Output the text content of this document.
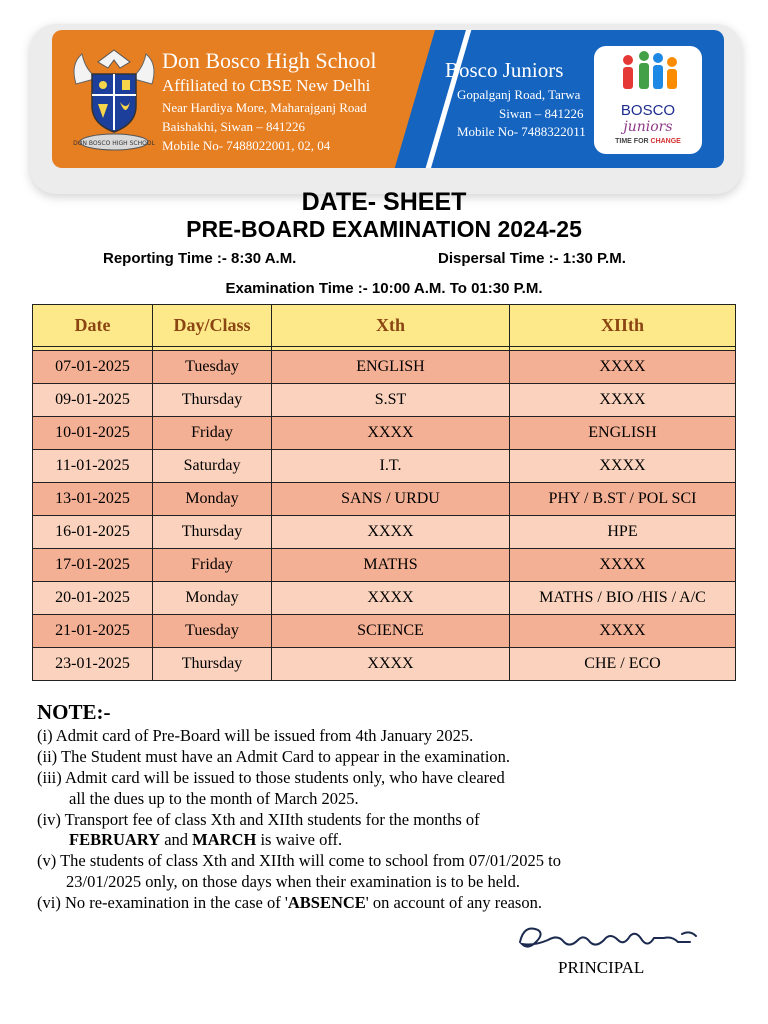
DON BOSCO HIGH SCHOOL
Don Bosco High School
Affiliated to CBSE New Delhi
Near Hardiya More, Maharajganj Road
Baishakhi, Siwan – 841226
Mobile No- 7488022001, 02, 04
Bosco Juniors
Gopalganj Road, Tarwa
Siwan – 841226
Mobile No- 7488322011
BOSCO
juniors
TIME FOR CHANGE
DATE- SHEET
PRE-BOARD EXAMINATION 2024-25
Reporting Time :- 8:30 A.M.	Dispersal Time :- 1:30 P.M.
Examination Time :- 10:00 A.M. To 01:30 P.M.
Date	Day/Class	Xth	XIIth

07-01-2025	Tuesday	ENGLISH	XXXX
09-01-2025	Thursday	S.ST	XXXX
10-01-2025	Friday	XXXX	ENGLISH
11-01-2025	Saturday	I.T.	XXXX
13-01-2025	Monday	SANS / URDU	PHY / B.ST / POL SCI
16-01-2025	Thursday	XXXX	HPE
17-01-2025	Friday	MATHS	XXXX
20-01-2025	Monday	XXXX	MATHS / BIO /HIS / A/C
21-01-2025	Tuesday	SCIENCE	XXXX
23-01-2025	Thursday	XXXX	CHE / ECO
NOTE:-
(i) Admit card of Pre-Board will be issued from 4th January 2025.
(ii) The Student must have an Admit Card to appear in the examination.
(iii) Admit card will be issued to those students only, who have cleared
all the dues up to the month of March 2025.
(iv) Transport fee of class Xth and XIIth students for the months of
FEBRUARY and MARCH is waive off.
(v) The students of class Xth and XIIth will come to school from 07/01/2025 to
23/01/2025 only, on those days when their examination is to be held.
(vi) No re-examination in the case of 'ABSENCE' on account of any reason.
PRINCIPAL
